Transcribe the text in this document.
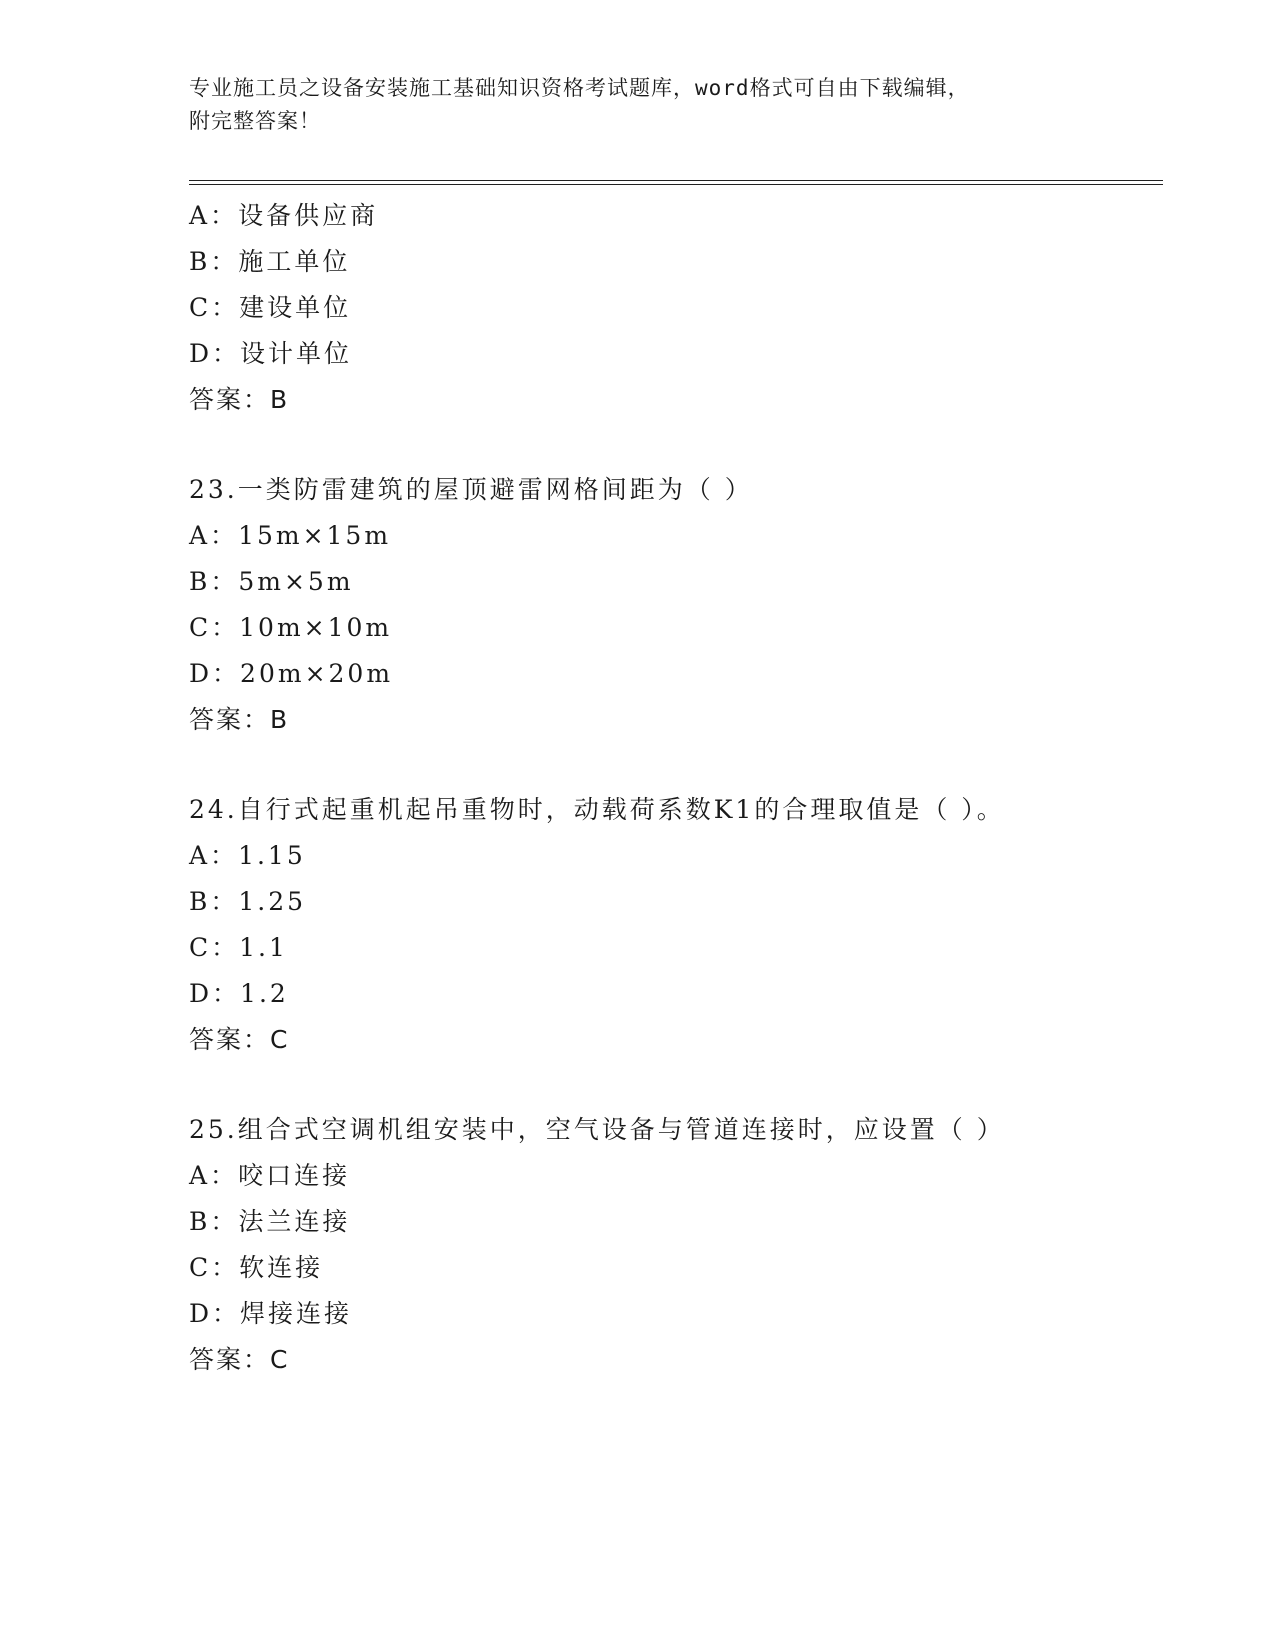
专业施工员之设备安装施工基础知识资格考试题库，word格式可自由下载编辑，
附完整答案！
A：设备供应商
B：施工单位
C：建设单位
D：设计单位
答案：B
23.一类防雷建筑的屋顶避雷网格间距为（ ）
A：15m×15m
B：5m×5m
C：10m×10m
D：20m×20m
答案：B
24.自行式起重机起吊重物时，动载荷系数K1的合理取值是（ ）。
A：1.15
B：1.25
C：1.1
D：1.2
答案：C
25.组合式空调机组安装中，空气设备与管道连接时，应设置（ ）
A：咬口连接
B：法兰连接
C：软连接
D：焊接连接
答案：C
